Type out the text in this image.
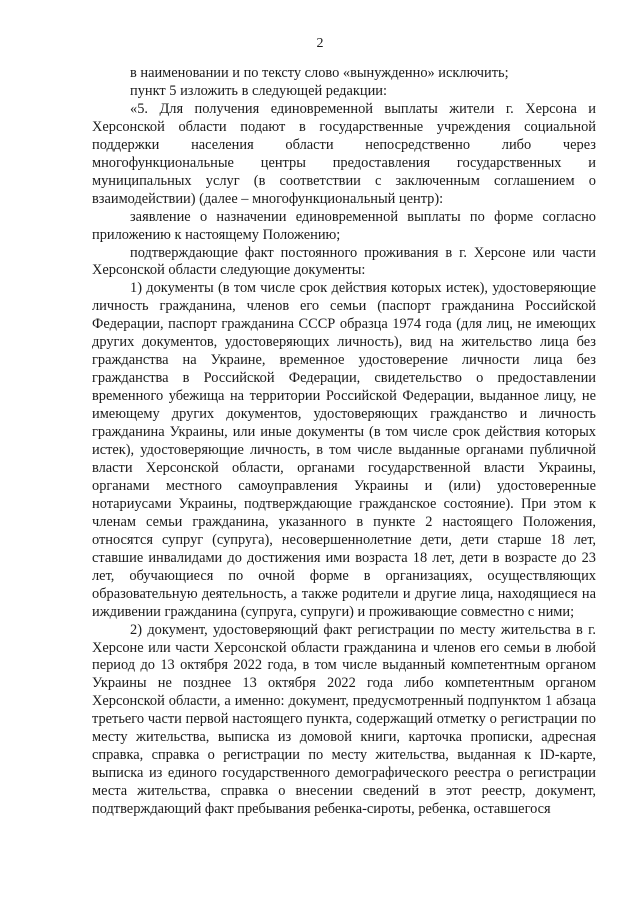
2

в наименовании и по тексту слово «вынужденно» исключить;

пункт 5 изложить в следующей редакции:

«5. Для получения единовременной выплаты жители г. Херсона и Херсонской области подают в государственные учреждения социальной поддержки населения области непосредственно либо через многофункциональные центры предоставления государственных и муниципальных услуг (в соответствии с заключенным соглашением о взаимодействии) (далее – многофункциональный центр):

заявление о назначении единовременной выплаты по форме согласно приложению к настоящему Положению;

подтверждающие факт постоянного проживания в г. Херсоне или части Херсонской области следующие документы:

1) документы (в том числе срок действия которых истек), удостоверяющие личность гражданина, членов его семьи (паспорт гражданина Российской Федерации, паспорт гражданина СССР образца 1974 года (для лиц, не имеющих других документов, удостоверяющих личность), вид на жительство лица без гражданства на Украине, временное удостоверение личности лица без гражданства в Российской Федерации, свидетельство о предоставлении временного убежища на территории Российской Федерации, выданное лицу, не имеющему других документов, удостоверяющих гражданство и личность гражданина Украины, или иные документы (в том числе срок действия которых истек), удостоверяющие личность, в том числе выданные органами публичной власти Херсонской области, органами государственной власти Украины, органами местного самоуправления Украины и (или) удостоверенные нотариусами Украины, подтверждающие гражданское состояние). При этом к членам семьи гражданина, указанного в пункте 2 настоящего Положения, относятся супруг (супруга), несовершеннолетние дети, дети старше 18 лет, ставшие инвалидами до достижения ими возраста 18 лет, дети в возрасте до 23 лет, обучающиеся по очной форме в организациях, осуществляющих образовательную деятельность, а также родители и другие лица, находящиеся на иждивении гражданина (супруга, супруги) и проживающие совместно с ними;

2) документ, удостоверяющий факт регистрации по месту жительства в г. Херсоне или части Херсонской области гражданина и членов его семьи в любой период до 13 октября 2022 года, в том числе выданный компетентным органом Украины не позднее 13 октября 2022 года либо компетентным органом Херсонской области, а именно: документ, предусмотренный подпунктом 1 абзаца третьего части первой настоящего пункта, содержащий отметку о регистрации по месту жительства, выписка из домовой книги, карточка прописки, адресная справка, справка о регистрации по месту жительства, выданная к ID-карте, выписка из единого государственного демографического реестра о регистрации места жительства, справка о внесении сведений в этот реестр, документ, подтверждающий факт пребывания ребенка-сироты, ребенка, оставшегося
